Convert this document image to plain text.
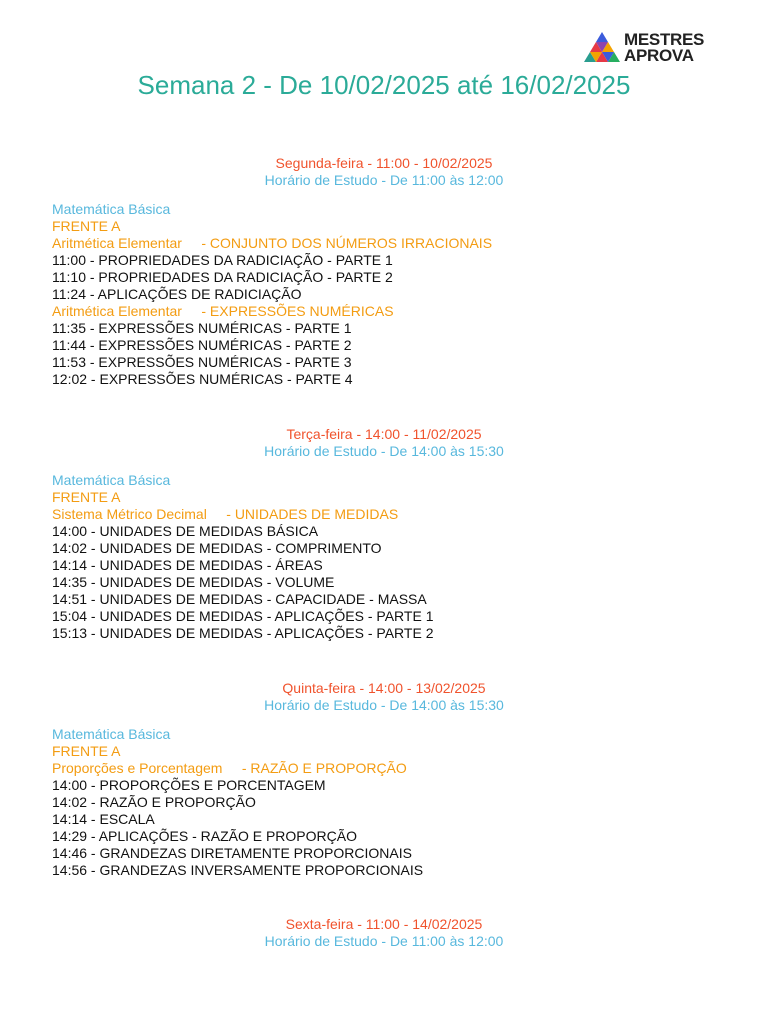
MESTRES
APROVA
Semana 2 - De 10/02/2025 até 16/02/2025
Segunda-feira - 11:00 - 10/02/2025
Horário de Estudo - De 11:00 às 12:00
Matemática Básica
FRENTE A
Aritmética Elementar     - CONJUNTO DOS NÚMEROS IRRACIONAIS
11:00 - PROPRIEDADES DA RADICIAÇÃO - PARTE 1
11:10 - PROPRIEDADES DA RADICIAÇÃO - PARTE 2
11:24 - APLICAÇÕES DE RADICIAÇÃO
Aritmética Elementar     - EXPRESSÕES NUMÉRICAS
11:35 - EXPRESSÕES NUMÉRICAS - PARTE 1
11:44 - EXPRESSÕES NUMÉRICAS - PARTE 2
11:53 - EXPRESSÕES NUMÉRICAS - PARTE 3
12:02 - EXPRESSÕES NUMÉRICAS - PARTE 4
Terça-feira - 14:00 - 11/02/2025
Horário de Estudo - De 14:00 às 15:30
Matemática Básica
FRENTE A
Sistema Métrico Decimal     - UNIDADES DE MEDIDAS
14:00 - UNIDADES DE MEDIDAS BÁSICA
14:02 - UNIDADES DE MEDIDAS - COMPRIMENTO
14:14 - UNIDADES DE MEDIDAS - ÁREAS
14:35 - UNIDADES DE MEDIDAS - VOLUME
14:51 - UNIDADES DE MEDIDAS - CAPACIDADE - MASSA
15:04 - UNIDADES DE MEDIDAS - APLICAÇÕES - PARTE 1
15:13 - UNIDADES DE MEDIDAS - APLICAÇÕES - PARTE 2
Quinta-feira - 14:00 - 13/02/2025
Horário de Estudo - De 14:00 às 15:30
Matemática Básica
FRENTE A
Proporções e Porcentagem     - RAZÃO E PROPORÇÃO
14:00 - PROPORÇÕES E PORCENTAGEM
14:02 - RAZÃO E PROPORÇÃO
14:14 - ESCALA
14:29 - APLICAÇÕES - RAZÃO E PROPORÇÃO
14:46 - GRANDEZAS DIRETAMENTE PROPORCIONAIS
14:56 - GRANDEZAS INVERSAMENTE PROPORCIONAIS
Sexta-feira - 11:00 - 14/02/2025
Horário de Estudo - De 11:00 às 12:00
